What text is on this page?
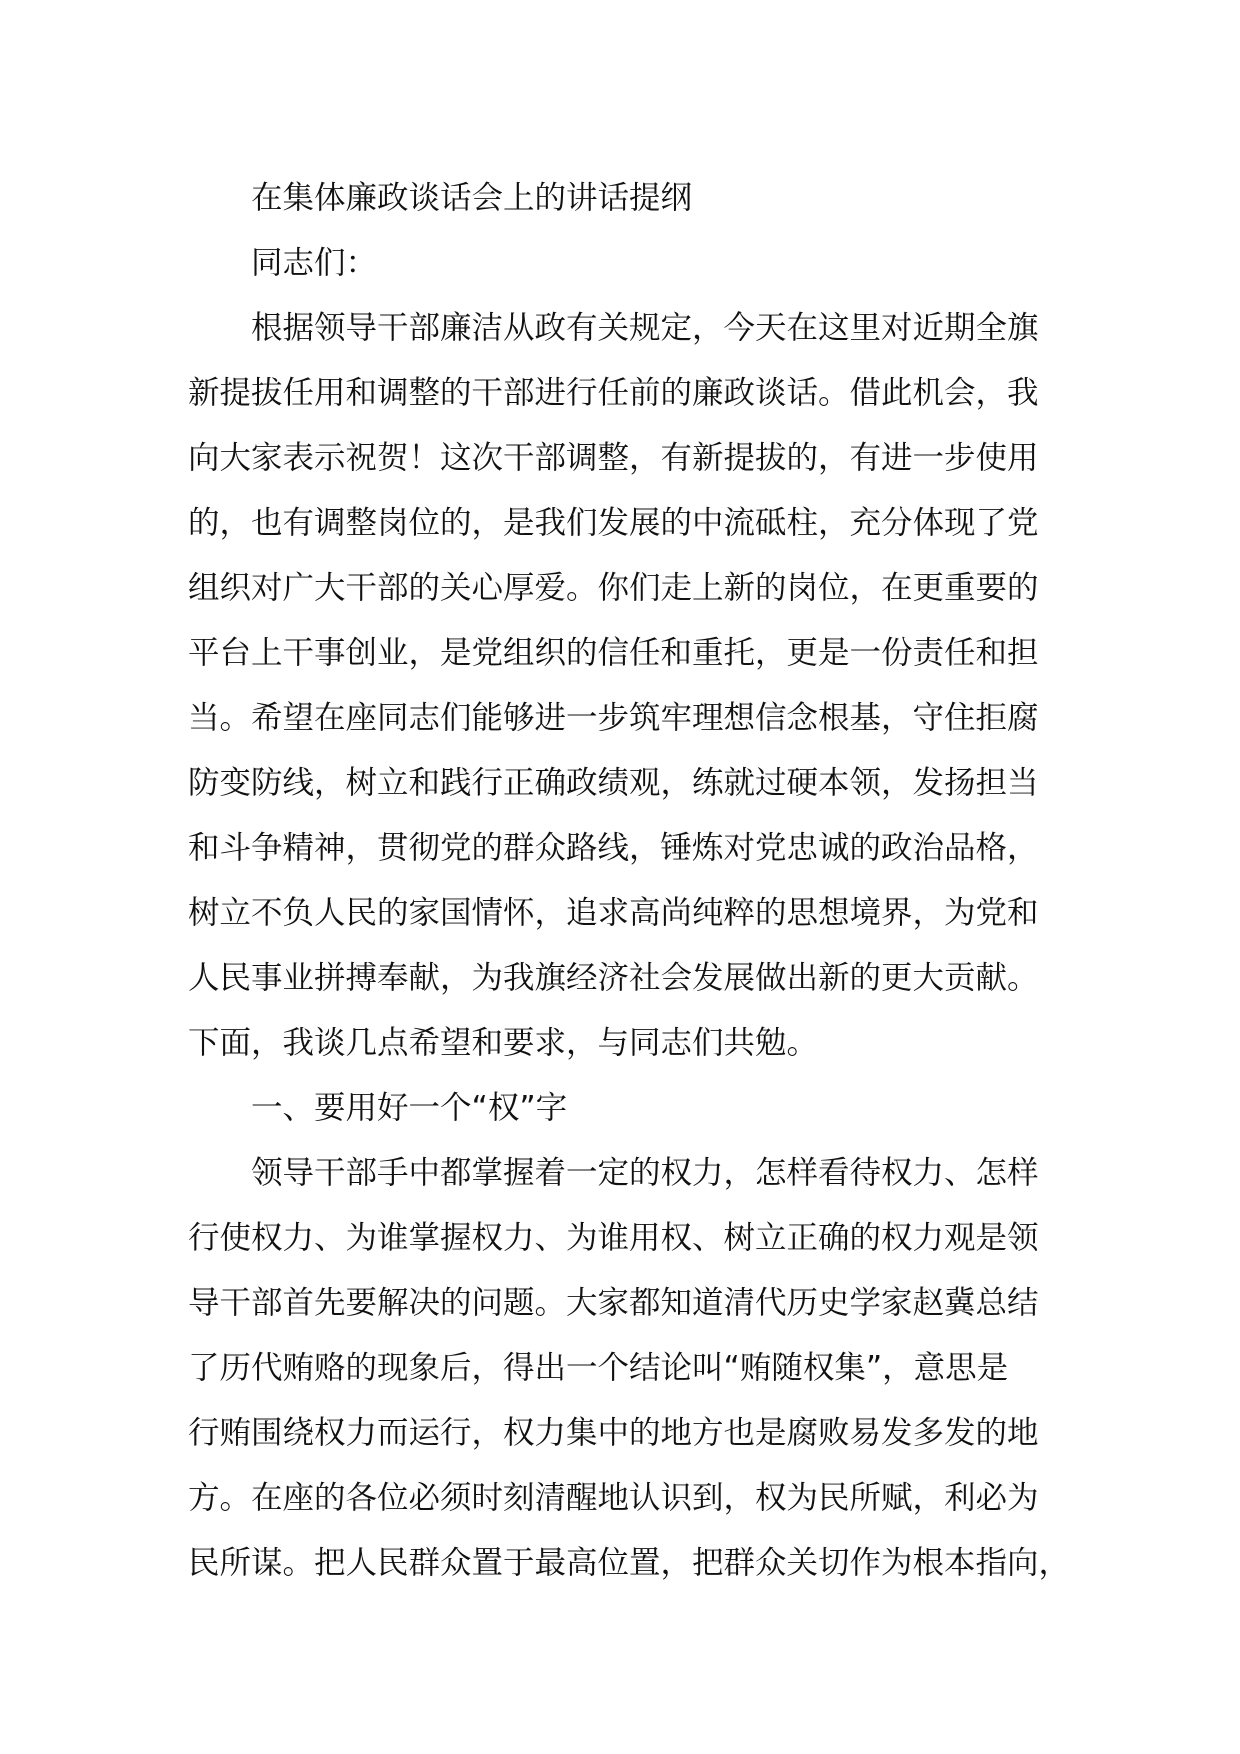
在集体廉政谈话会上的讲话提纲

同志们：

根据领导干部廉洁从政有关规定，今天在这里对近期全旗
新提拔任用和调整的干部进行任前的廉政谈话。借此机会，我
向大家表示祝贺！这次干部调整，有新提拔的，有进一步使用
的，也有调整岗位的，是我们发展的中流砥柱，充分体现了党
组织对广大干部的关心厚爱。你们走上新的岗位，在更重要的
平台上干事创业，是党组织的信任和重托，更是一份责任和担
当。希望在座同志们能够进一步筑牢理想信念根基，守住拒腐
防变防线，树立和践行正确政绩观，练就过硬本领，发扬担当
和斗争精神，贯彻党的群众路线，锤炼对党忠诚的政治品格，
树立不负人民的家国情怀，追求高尚纯粹的思想境界，为党和
人民事业拼搏奉献，为我旗经济社会发展做出新的更大贡献。
下面，我谈几点希望和要求，与同志们共勉。

一、要用好一个“权”字

领导干部手中都掌握着一定的权力，怎样看待权力、怎样
行使权力、为谁掌握权力、为谁用权、树立正确的权力观是领
导干部首先要解决的问题。大家都知道清代历史学家赵冀总结
了历代贿赂的现象后，得出一个结论叫“贿随权集”，意思是
行贿围绕权力而运行，权力集中的地方也是腐败易发多发的地
方。在座的各位必须时刻清醒地认识到，权为民所赋，利必为
民所谋。把人民群众置于最高位置，把群众关切作为根本指向，
